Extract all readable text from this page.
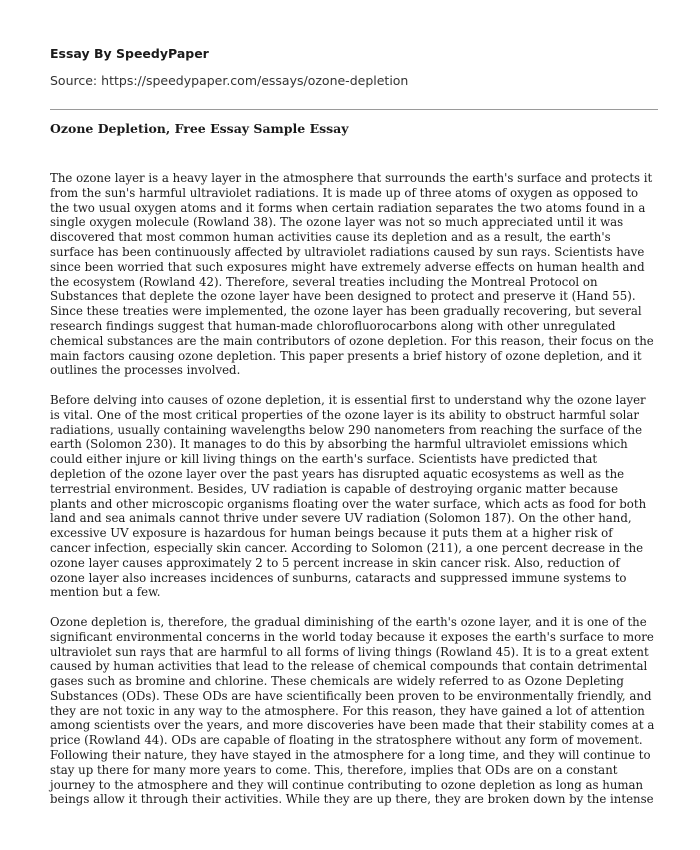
Essay By SpeedyPaper
Source: https://speedypaper.com/essays/ozone-depletion
Ozone Depletion, Free Essay Sample Essay
The ozone layer is a heavy layer in the atmosphere that surrounds the earth's surface and protects it
from the sun's harmful ultraviolet radiations. It is made up of three atoms of oxygen as opposed to
the two usual oxygen atoms and it forms when certain radiation separates the two atoms found in a
single oxygen molecule (Rowland 38). The ozone layer was not so much appreciated until it was
discovered that most common human activities cause its depletion and as a result, the earth's
surface has been continuously affected by ultraviolet radiations caused by sun rays. Scientists have
since been worried that such exposures might have extremely adverse effects on human health and
the ecosystem (Rowland 42). Therefore, several treaties including the Montreal Protocol on
Substances that deplete the ozone layer have been designed to protect and preserve it (Hand 55).
Since these treaties were implemented, the ozone layer has been gradually recovering, but several
research findings suggest that human-made chlorofluorocarbons along with other unregulated
chemical substances are the main contributors of ozone depletion. For this reason, their focus on the
main factors causing ozone depletion. This paper presents a brief history of ozone depletion, and it
outlines the processes involved.
Before delving into causes of ozone depletion, it is essential first to understand why the ozone layer
is vital. One of the most critical properties of the ozone layer is its ability to obstruct harmful solar
radiations, usually containing wavelengths below 290 nanometers from reaching the surface of the
earth (Solomon 230). It manages to do this by absorbing the harmful ultraviolet emissions which
could either injure or kill living things on the earth's surface. Scientists have predicted that
depletion of the ozone layer over the past years has disrupted aquatic ecosystems as well as the
terrestrial environment. Besides, UV radiation is capable of destroying organic matter because
plants and other microscopic organisms floating over the water surface, which acts as food for both
land and sea animals cannot thrive under severe UV radiation (Solomon 187). On the other hand,
excessive UV exposure is hazardous for human beings because it puts them at a higher risk of
cancer infection, especially skin cancer. According to Solomon (211), a one percent decrease in the
ozone layer causes approximately 2 to 5 percent increase in skin cancer risk. Also, reduction of
ozone layer also increases incidences of sunburns, cataracts and suppressed immune systems to
mention but a few.
Ozone depletion is, therefore, the gradual diminishing of the earth's ozone layer, and it is one of the
significant environmental concerns in the world today because it exposes the earth's surface to more
ultraviolet sun rays that are harmful to all forms of living things (Rowland 45). It is to a great extent
caused by human activities that lead to the release of chemical compounds that contain detrimental
gases such as bromine and chlorine. These chemicals are widely referred to as Ozone Depleting
Substances (ODs). These ODs are have scientifically been proven to be environmentally friendly, and
they are not toxic in any way to the atmosphere. For this reason, they have gained a lot of attention
among scientists over the years, and more discoveries have been made that their stability comes at a
price (Rowland 44). ODs are capable of floating in the stratosphere without any form of movement.
Following their nature, they have stayed in the atmosphere for a long time, and they will continue to
stay up there for many more years to come. This, therefore, implies that ODs are on a constant
journey to the atmosphere and they will continue contributing to ozone depletion as long as human
beings allow it through their activities. While they are up there, they are broken down by the intense
